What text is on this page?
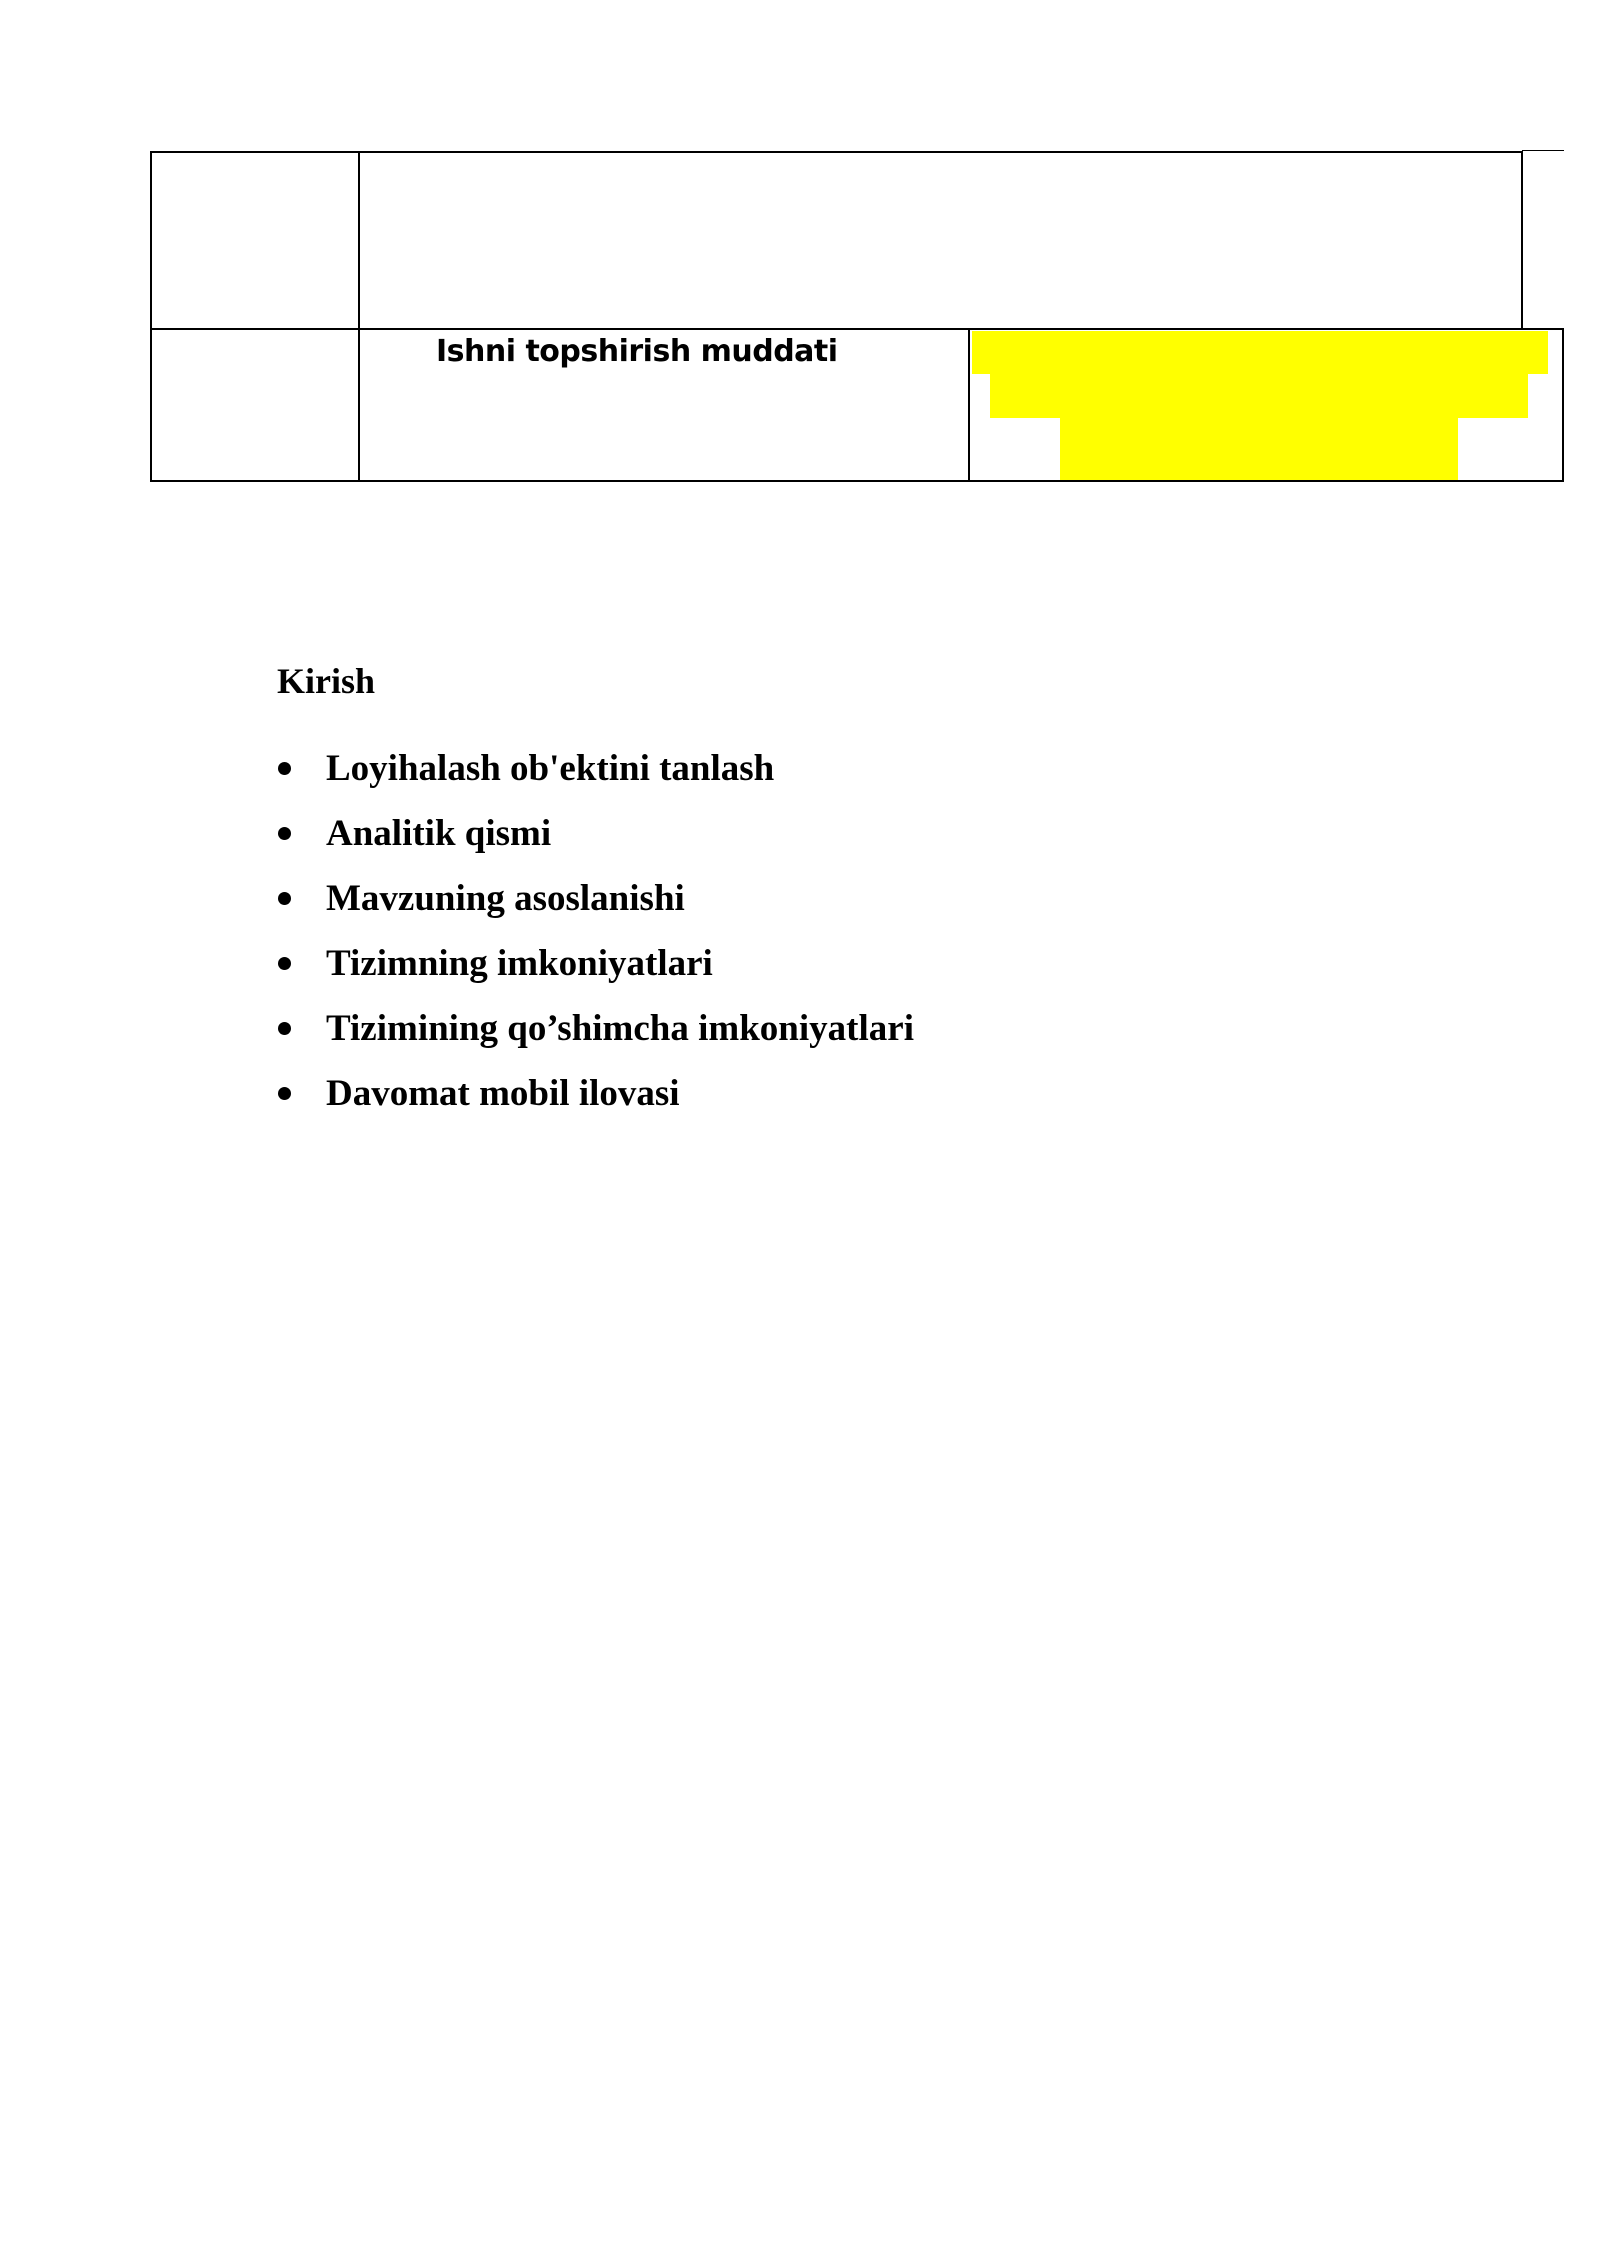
Ishni topshirish muddati
Kirish
Loyihalash ob'ektini tanlash
Analitik qismi
Mavzuning asoslanishi
Tizimning imkoniyatlari
Tizimining qo’shimcha imkoniyatlari
Davomat mobil ilovasi
